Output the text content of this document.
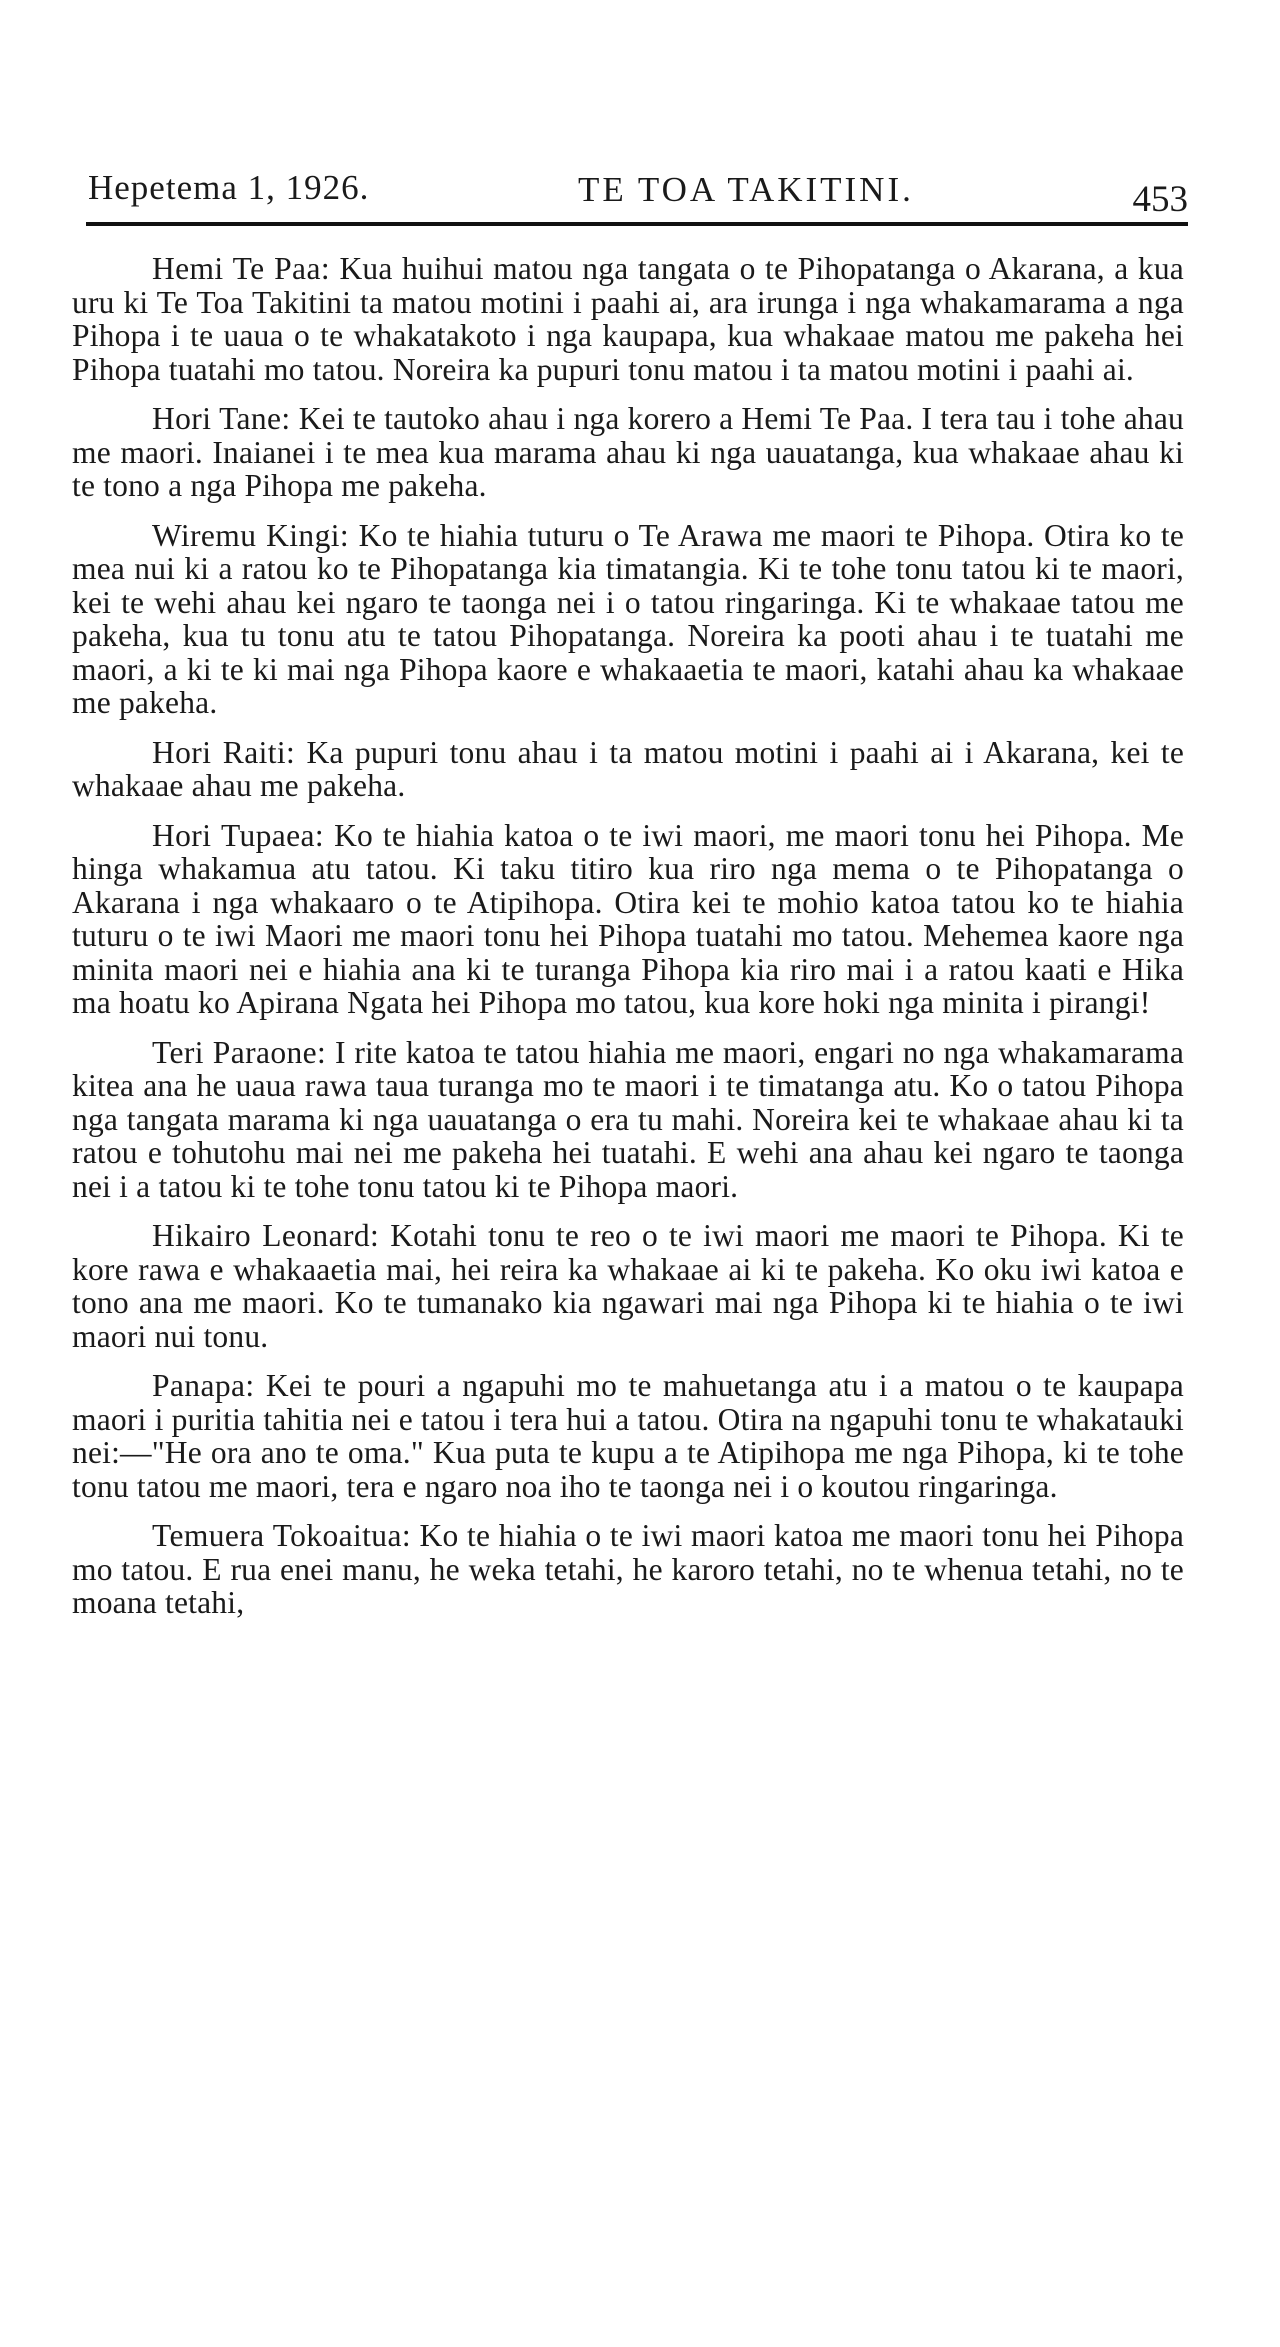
Hepetema 1, 1926.	TE TOA TAKITINI.	453

Hemi Te Paa: Kua huihui matou nga tangata o te Pihopatanga o Akarana, a kua uru ki Te Toa Takitini ta matou motini i paahi ai, ara irunga i nga whakamarama a nga Pihopa i te uaua o te whakatakoto i nga kaupapa, kua whakaae matou me pakeha hei Pihopa tuatahi mo tatou. Noreira ka pupuri tonu matou i ta matou motini i paahi ai.

Hori Tane: Kei te tautoko ahau i nga korero a Hemi Te Paa. I tera tau i tohe ahau me maori. Inaianei i te mea kua marama ahau ki nga uauatanga, kua whakaae ahau ki te tono a nga Pihopa me pakeha.

Wiremu Kingi: Ko te hiahia tuturu o Te Arawa me maori te Pihopa. Otira ko te mea nui ki a ratou ko te Pihopatanga kia timatangia. Ki te tohe tonu tatou ki te maori, kei te wehi ahau kei ngaro te taonga nei i o tatou ringaringa. Ki te whakaae tatou me pakeha, kua tu tonu atu te tatou Pihopatanga. Noreira ka pooti ahau i te tuatahi me maori, a ki te ki mai nga Pihopa kaore e whakaaetia te maori, katahi ahau ka whakaae me pakeha.

Hori Raiti: Ka pupuri tonu ahau i ta matou motini i paahi ai i Akarana, kei te whakaae ahau me pakeha.

Hori Tupaea: Ko te hiahia katoa o te iwi maori, me maori tonu hei Pihopa. Me hinga whakamua atu tatou. Ki taku titiro kua riro nga mema o te Pihopatanga o Akarana i nga whakaaro o te Atipihopa. Otira kei te mohio katoa tatou ko te hiahia tuturu o te iwi Maori me maori tonu hei Pihopa tuatahi mo tatou. Mehemea kaore nga minita maori nei e hiahia ana ki te turanga Pihopa kia riro mai i a ratou kaati e Hika ma hoatu ko Apirana Ngata hei Pihopa mo tatou, kua kore hoki nga minita i pirangi!

Teri Paraone: I rite katoa te tatou hiahia me maori, engari no nga whakamarama kitea ana he uaua rawa taua turanga mo te maori i te timatanga atu. Ko o tatou Pihopa nga tangata marama ki nga uauatanga o era tu mahi. Noreira kei te whakaae ahau ki ta ratou e tohutohu mai nei me pakeha hei tuatahi. E wehi ana ahau kei ngaro te taonga nei i a tatou ki te tohe tonu tatou ki te Pihopa maori.

Hikairo Leonard: Kotahi tonu te reo o te iwi maori me maori te Pihopa. Ki te kore rawa e whakaaetia mai, hei reira ka whakaae ai ki te pakeha. Ko oku iwi katoa e tono ana me maori. Ko te tumanako kia ngawari mai nga Pihopa ki te hiahia o te iwi maori nui tonu.

Panapa: Kei te pouri a ngapuhi mo te mahuetanga atu i a matou o te kaupapa maori i puritia tahitia nei e tatou i tera hui a tatou. Otira na ngapuhi tonu te whakatauki nei:—"He ora ano te oma." Kua puta te kupu a te Atipihopa me nga Pihopa, ki te tohe tonu tatou me maori, tera e ngaro noa iho te taonga nei i o koutou ringaringa.

Temuera Tokoaitua: Ko te hiahia o te iwi maori katoa me maori tonu hei Pihopa mo tatou. E rua enei manu, he weka tetahi, he karoro tetahi, no te whenua tetahi, no te moana tetahi,
